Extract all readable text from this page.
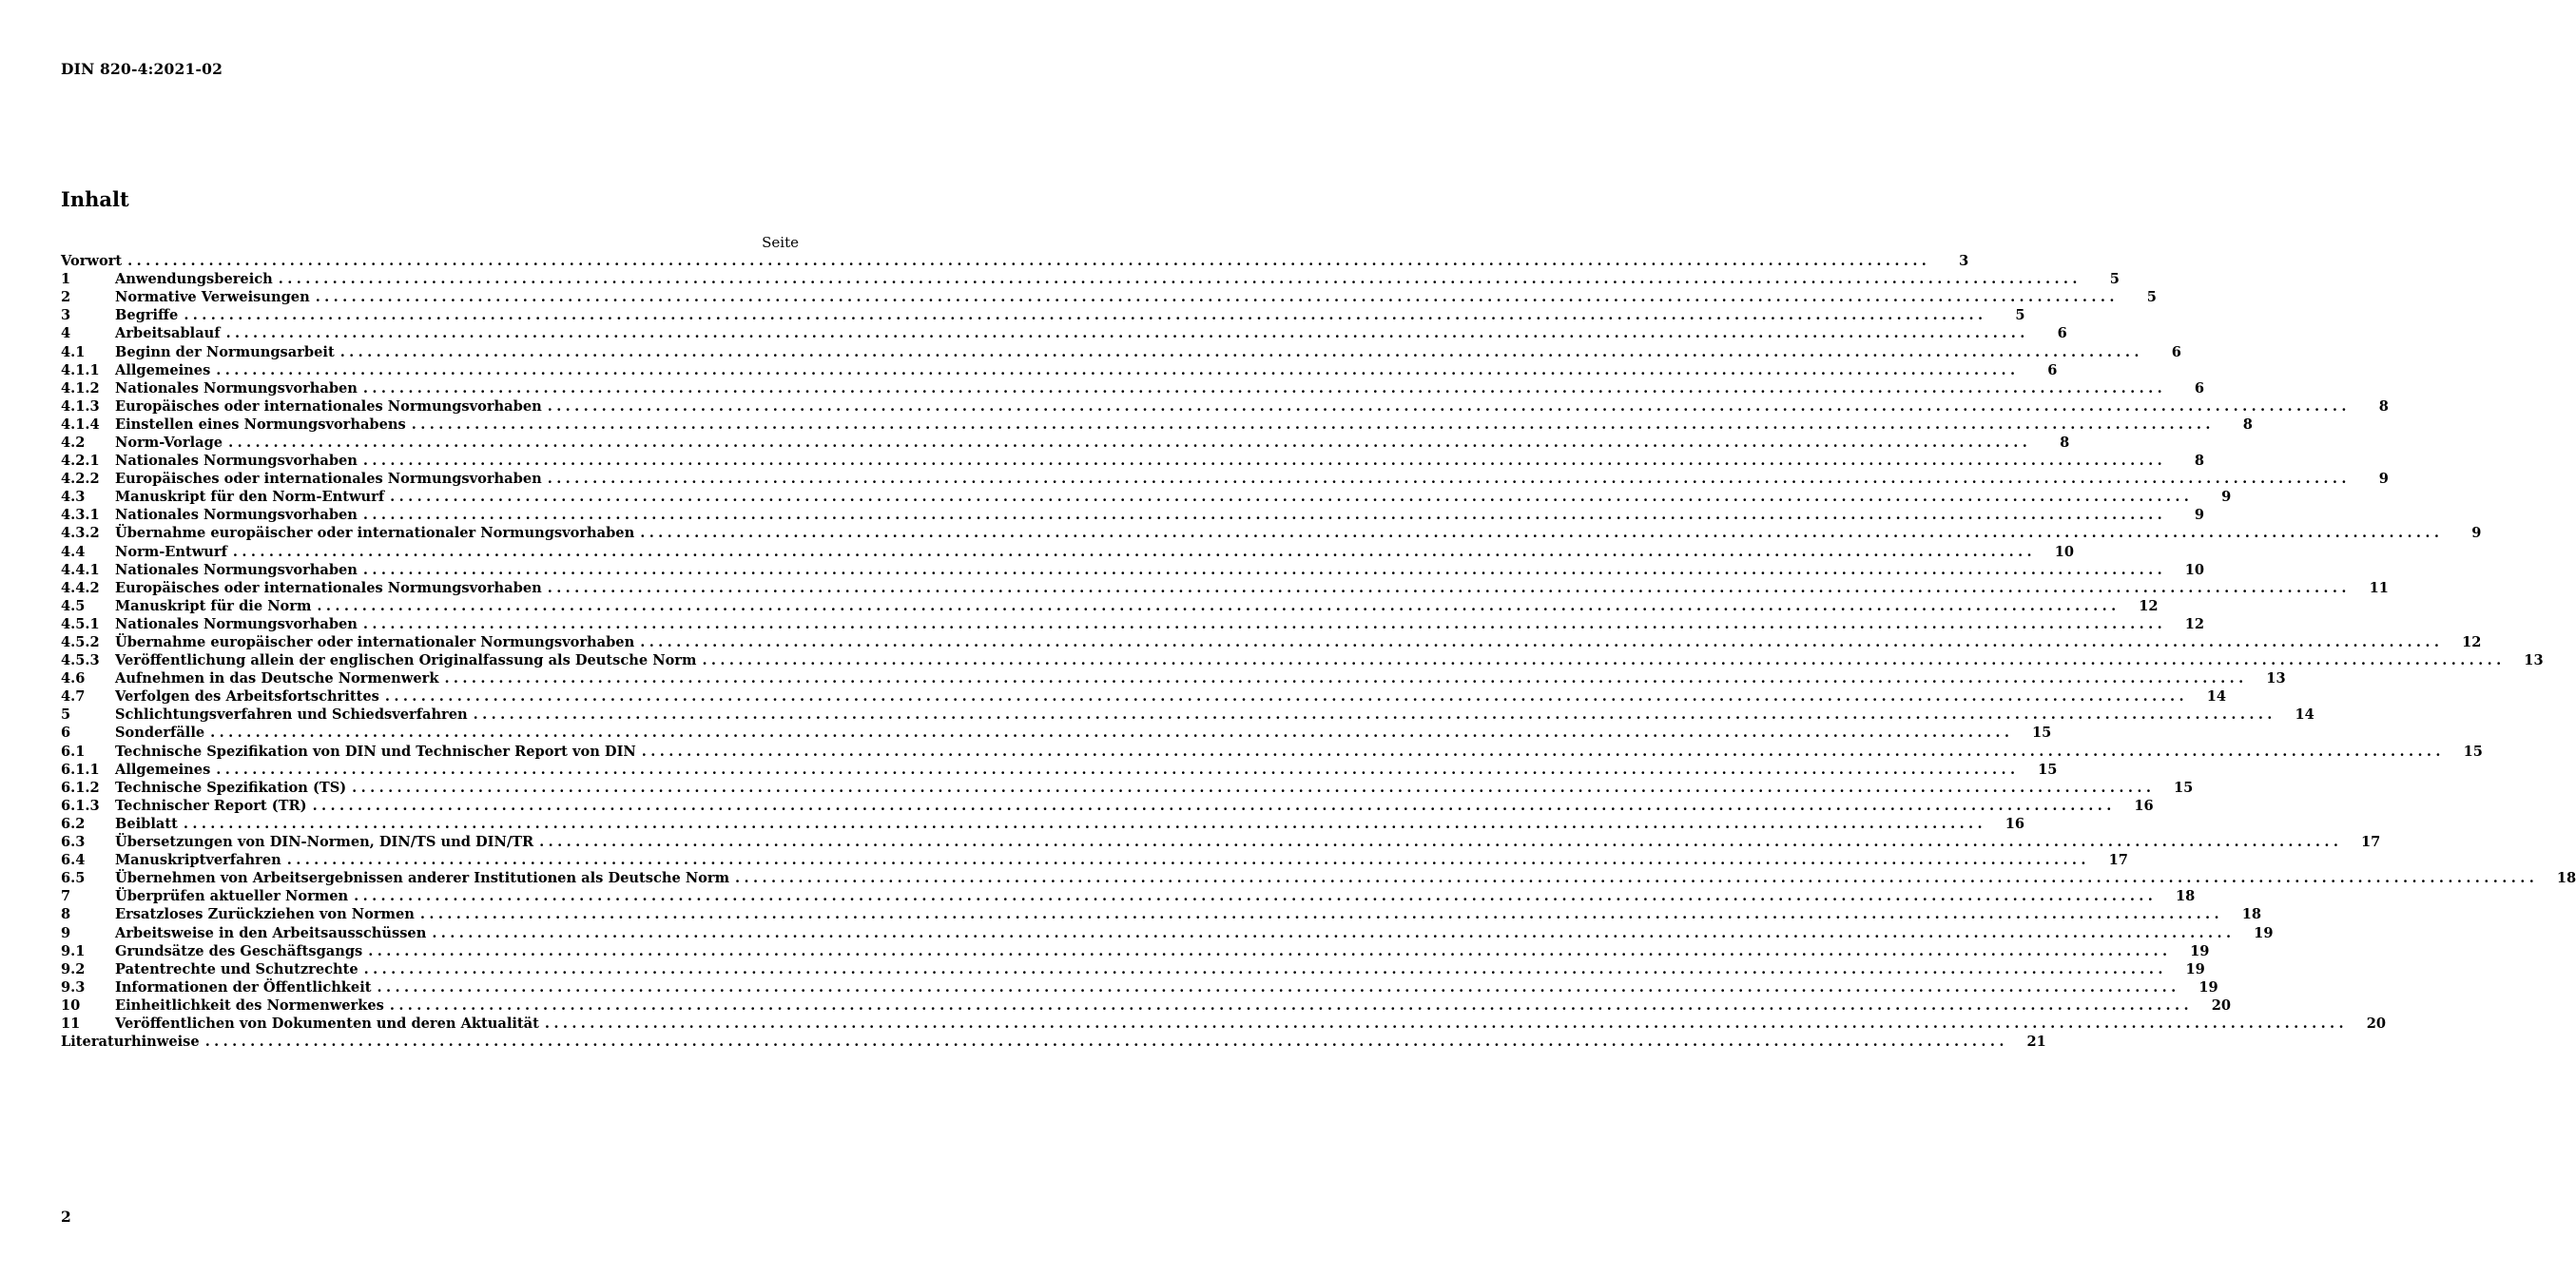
DIN 820-4:2021-02
Inhalt
Seite
Vorwort ........................................................................................................................................................................................................	3
1	Anwendungsbereich ........................................................................................................................................................................................................	5
2	Normative Verweisungen ........................................................................................................................................................................................................	5
3	Begriffe ........................................................................................................................................................................................................	5
4	Arbeitsablauf ........................................................................................................................................................................................................	6
4.1	Beginn der Normungsarbeit ........................................................................................................................................................................................................	6
4.1.1	Allgemeines ........................................................................................................................................................................................................	6
4.1.2	Nationales Normungsvorhaben ........................................................................................................................................................................................................	6
4.1.3	Europäisches oder internationales Normungsvorhaben ........................................................................................................................................................................................................	8
4.1.4	Einstellen eines Normungsvorhabens ........................................................................................................................................................................................................	8
4.2	Norm-Vorlage ........................................................................................................................................................................................................	8
4.2.1	Nationales Normungsvorhaben ........................................................................................................................................................................................................	8
4.2.2	Europäisches oder internationales Normungsvorhaben ........................................................................................................................................................................................................	9
4.3	Manuskript für den Norm-Entwurf ........................................................................................................................................................................................................	9
4.3.1	Nationales Normungsvorhaben ........................................................................................................................................................................................................	9
4.3.2	Übernahme europäischer oder internationaler Normungsvorhaben ........................................................................................................................................................................................................	9
4.4	Norm-Entwurf ........................................................................................................................................................................................................	10
4.4.1	Nationales Normungsvorhaben ........................................................................................................................................................................................................	10
4.4.2	Europäisches oder internationales Normungsvorhaben ........................................................................................................................................................................................................	11
4.5	Manuskript für die Norm ........................................................................................................................................................................................................	12
4.5.1	Nationales Normungsvorhaben ........................................................................................................................................................................................................	12
4.5.2	Übernahme europäischer oder internationaler Normungsvorhaben ........................................................................................................................................................................................................	12
4.5.3	Veröffentlichung allein der englischen Originalfassung als Deutsche Norm ........................................................................................................................................................................................................	13
4.6	Aufnehmen in das Deutsche Normenwerk ........................................................................................................................................................................................................	13
4.7	Verfolgen des Arbeitsfortschrittes ........................................................................................................................................................................................................	14
5	Schlichtungsverfahren und Schiedsverfahren ........................................................................................................................................................................................................	14
6	Sonderfälle ........................................................................................................................................................................................................	15
6.1	Technische Spezifikation von DIN und Technischer Report von DIN ........................................................................................................................................................................................................	15
6.1.1	Allgemeines ........................................................................................................................................................................................................	15
6.1.2	Technische Spezifikation (TS) ........................................................................................................................................................................................................	15
6.1.3	Technischer Report (TR) ........................................................................................................................................................................................................	16
6.2	Beiblatt ........................................................................................................................................................................................................	16
6.3	Übersetzungen von DIN-Normen, DIN/TS und DIN/TR ........................................................................................................................................................................................................	17
6.4	Manuskriptverfahren ........................................................................................................................................................................................................	17
6.5	Übernehmen von Arbeitsergebnissen anderer Institutionen als Deutsche Norm ........................................................................................................................................................................................................	18
7	Überprüfen aktueller Normen ........................................................................................................................................................................................................	18
8	Ersatzloses Zurückziehen von Normen ........................................................................................................................................................................................................	18
9	Arbeitsweise in den Arbeitsausschüssen ........................................................................................................................................................................................................	19
9.1	Grundsätze des Geschäftsgangs ........................................................................................................................................................................................................	19
9.2	Patentrechte und Schutzrechte ........................................................................................................................................................................................................	19
9.3	Informationen der Öffentlichkeit ........................................................................................................................................................................................................	19
10	Einheitlichkeit des Normenwerkes ........................................................................................................................................................................................................	20
11	Veröffentlichen von Dokumenten und deren Aktualität ........................................................................................................................................................................................................	20
Literaturhinweise ........................................................................................................................................................................................................	21
2
